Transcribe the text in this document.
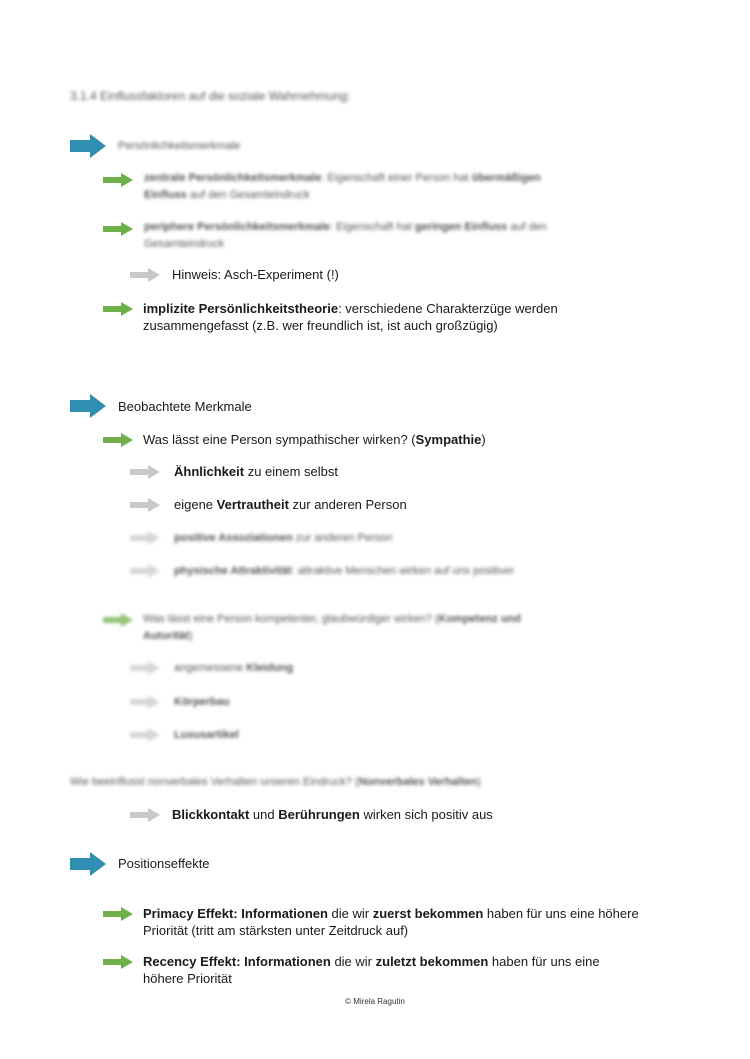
3.1.4 Einflussfaktoren auf die soziale Wahrnehmung:
Persönlichkeitsmerkmale
zentrale Persönlichkeitsmerkmale: Eigenschaft einer Person hat übermäßigen
Einfluss auf den Gesamteindruck
periphere Persönlichkeitsmerkmale: Eigenschaft hat geringen Einfluss auf den
Gesamteindruck
Hinweis: Asch-Experiment (!)
implizite Persönlichkeitstheorie: verschiedene Charakterzüge werden
zusammengefasst (z.B. wer freundlich ist, ist auch großzügig)
Beobachtete Merkmale
Was lässt eine Person sympathischer wirken? (Sympathie)
Ähnlichkeit zu einem selbst
eigene Vertrautheit zur anderen Person
positive Assoziationen zur anderen Person
physische Attraktivität: attraktive Menschen wirken auf uns positiver
Was lässt eine Person kompetenter, glaubwürdiger wirken? (Kompetenz und
Autorität)
angemessene Kleidung
Körperbau
Luxusartikel
Wie beeinflusst nonverbales Verhalten unseren Eindruck? (Nonverbales Verhalten)
Blickkontakt und Berührungen wirken sich positiv aus
Positionseffekte
Primacy Effekt: Informationen die wir zuerst bekommen haben für uns eine höhere
Priorität (tritt am stärksten unter Zeitdruck auf)
Recency Effekt: Informationen die wir zuletzt bekommen haben für uns eine
höhere Priorität
© Mirela Ragutin
